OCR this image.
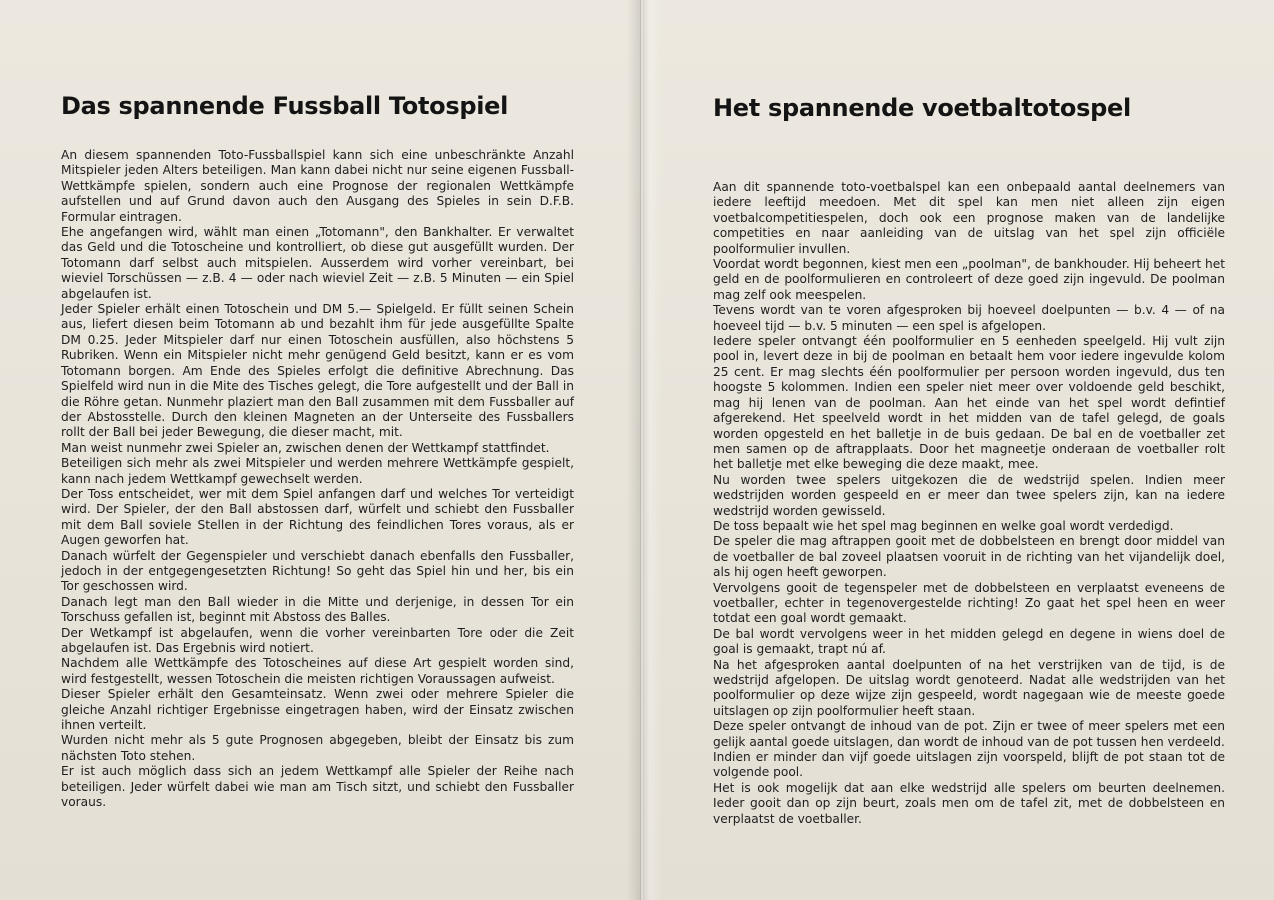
Das spannende Fussball Totospiel

An diesem spannenden Toto-Fussballspiel kann sich eine unbeschränkte Anzahl Mitspieler jeden Alters beteiligen. Man kann dabei nicht nur seine eigenen Fussball-Wettkämpfe spielen, sondern auch eine Prognose der regionalen Wettkämpfe aufstellen und auf Grund davon auch den Ausgang des Spieles in sein D.F.B. Formular eintragen.

Ehe angefangen wird, wählt man einen „Totomann", den Bankhalter. Er verwaltet das Geld und die Totoscheine und kontrolliert, ob diese gut ausgefüllt wurden. Der Totomann darf selbst auch mitspielen. Ausserdem wird vorher vereinbart, bei wieviel Torschüssen — z.B. 4 — oder nach wieviel Zeit — z.B. 5 Minuten — ein Spiel abgelaufen ist.

Jeder Spieler erhält einen Totoschein und DM 5.— Spielgeld. Er füllt seinen Schein aus, liefert diesen beim Totomann ab und bezahlt ihm für jede ausgefüllte Spalte DM 0.25. Jeder Mitspieler darf nur einen Totoschein ausfüllen, also höchstens 5 Rubriken. Wenn ein Mitspieler nicht mehr genügend Geld besitzt, kann er es vom Totomann borgen. Am Ende des Spieles erfolgt die definitive Abrechnung. Das Spielfeld wird nun in die Mite des Tisches gelegt, die Tore aufgestellt und der Ball in die Röhre getan. Nunmehr plaziert man den Ball zusammen mit dem Fussballer auf der Abstosstelle. Durch den kleinen Magneten an der Unterseite des Fussballers rollt der Ball bei jeder Bewegung, die dieser macht, mit.

Man weist nunmehr zwei Spieler an, zwischen denen der Wettkampf stattfindet.

Beteiligen sich mehr als zwei Mitspieler und werden mehrere Wettkämpfe gespielt, kann nach jedem Wettkampf gewechselt werden.

Der Toss entscheidet, wer mit dem Spiel anfangen darf und welches Tor verteidigt wird. Der Spieler, der den Ball abstossen darf, würfelt und schiebt den Fussballer mit dem Ball soviele Stellen in der Richtung des feindlichen Tores voraus, als er Augen geworfen hat.

Danach würfelt der Gegenspieler und verschiebt danach ebenfalls den Fussballer, jedoch in der entgegengesetzten Richtung! So geht das Spiel hin und her, bis ein Tor geschossen wird.

Danach legt man den Ball wieder in die Mitte und derjenige, in dessen Tor ein Torschuss gefallen ist, beginnt mit Abstoss des Balles.

Der Wetkampf ist abgelaufen, wenn die vorher vereinbarten Tore oder die Zeit abgelaufen ist. Das Ergebnis wird notiert.

Nachdem alle Wettkämpfe des Totoscheines auf diese Art gespielt worden sind, wird festgestellt, wessen Totoschein die meisten richtigen Voraussagen aufweist.

Dieser Spieler erhält den Gesamteinsatz. Wenn zwei oder mehrere Spieler die gleiche Anzahl richtiger Ergebnisse eingetragen haben, wird der Einsatz zwischen ihnen verteilt.

Wurden nicht mehr als 5 gute Prognosen abgegeben, bleibt der Einsatz bis zum nächsten Toto stehen.

Er ist auch möglich dass sich an jedem Wettkampf alle Spieler der Reihe nach beteiligen. Jeder würfelt dabei wie man am Tisch sitzt, und schiebt den Fussballer voraus.

Het spannende voetbaltotospel

Aan dit spannende toto-voetbalspel kan een onbepaald aantal deelnemers van iedere leeftijd meedoen. Met dit spel kan men niet alleen zijn eigen voetbalcompetitiespelen, doch ook een prognose maken van de landelijke competities en naar aanleiding van de uitslag van het spel zijn officiële poolformulier invullen.

Voordat wordt begonnen, kiest men een „poolman", de bankhouder. Hij beheert het geld en de poolformulieren en controleert of deze goed zijn ingevuld. De poolman mag zelf ook meespelen.

Tevens wordt van te voren afgesproken bij hoeveel doelpunten — b.v. 4 — of na hoeveel tijd — b.v. 5 minuten — een spel is afgelopen.

Iedere speler ontvangt één poolformulier en 5 eenheden speelgeld. Hij vult zijn pool in, levert deze in bij de poolman en betaalt hem voor iedere ingevulde kolom 25 cent. Er mag slechts één poolformulier per persoon worden ingevuld, dus ten hoogste 5 kolommen. Indien een speler niet meer over voldoende geld beschikt, mag hij lenen van de poolman. Aan het einde van het spel wordt defintief afgerekend. Het speelveld wordt in het midden van de tafel gelegd, de goals worden opgesteld en het balletje in de buis gedaan. De bal en de voetballer zet men samen op de aftrapplaats. Door het magneetje onderaan de voetballer rolt het balletje met elke beweging die deze maakt, mee.

Nu worden twee spelers uitgekozen die de wedstrijd spelen. Indien meer wedstrijden worden gespeeld en er meer dan twee spelers zijn, kan na iedere wedstrijd worden gewisseld.

De toss bepaalt wie het spel mag beginnen en welke goal wordt verdedigd.

De speler die mag aftrappen gooit met de dobbelsteen en brengt door middel van de voetballer de bal zoveel plaatsen vooruit in de richting van het vijandelijk doel, als hij ogen heeft geworpen.

Vervolgens gooit de tegenspeler met de dobbelsteen en verplaatst eveneens de voetballer, echter in tegenovergestelde richting! Zo gaat het spel heen en weer totdat een goal wordt gemaakt.

De bal wordt vervolgens weer in het midden gelegd en degene in wiens doel de goal is gemaakt, trapt nú af.

Na het afgesproken aantal doelpunten of na het verstrijken van de tijd, is de wedstrijd afgelopen. De uitslag wordt genoteerd. Nadat alle wedstrijden van het poolformulier op deze wijze zijn gespeeld, wordt nagegaan wie de meeste goede uitslagen op zijn poolformulier heeft staan.

Deze speler ontvangt de inhoud van de pot. Zijn er twee of meer spelers met een gelijk aantal goede uitslagen, dan wordt de inhoud van de pot tussen hen verdeeld.

Indien er minder dan vijf goede uitslagen zijn voorspeld, blijft de pot staan tot de volgende pool.

Het is ook mogelijk dat aan elke wedstrijd alle spelers om beurten deelnemen. Ieder gooit dan op zijn beurt, zoals men om de tafel zit, met de dobbelsteen en verplaatst de voetballer.
